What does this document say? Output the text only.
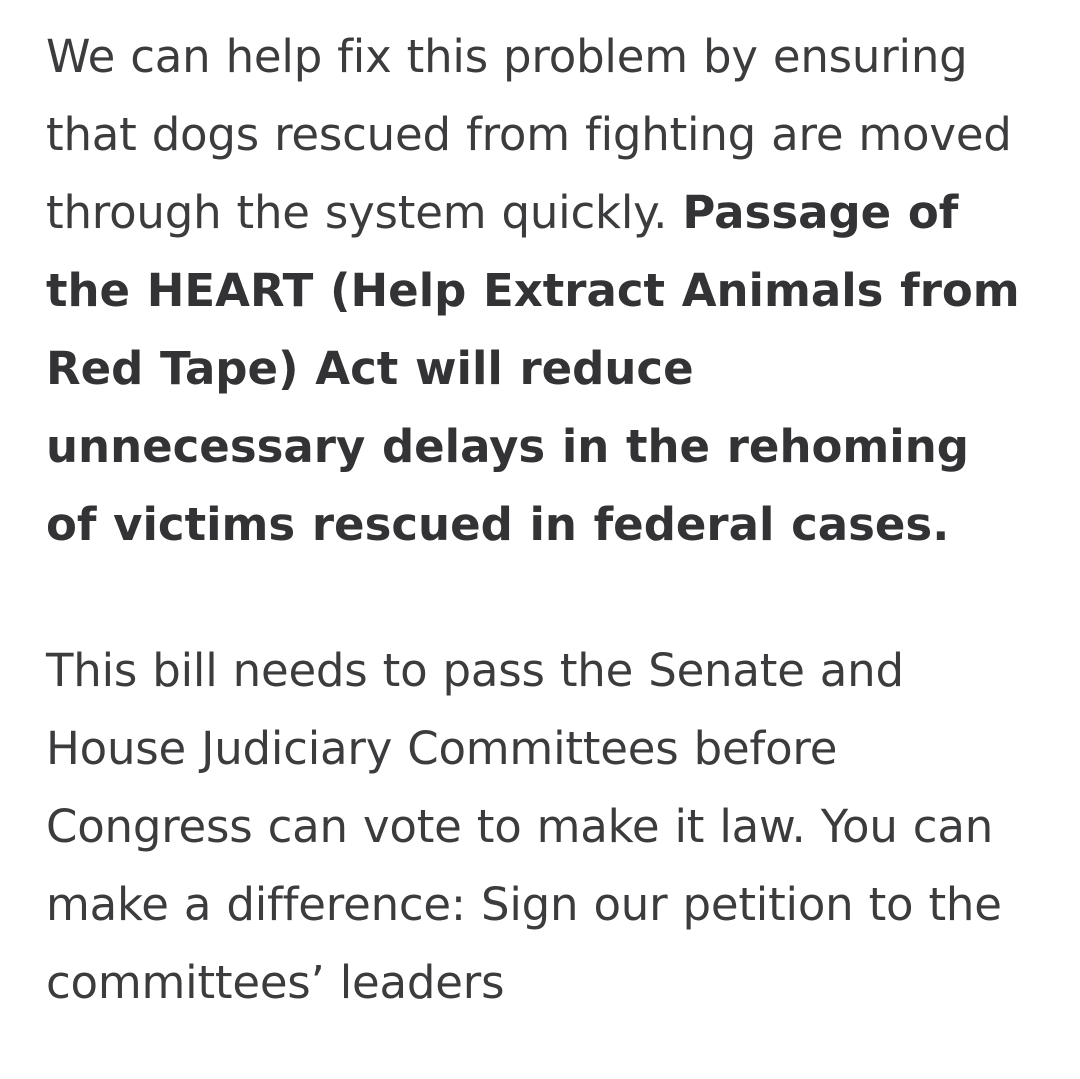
We can help fix this problem by ensuring that dogs rescued from fighting are moved through the system quickly. Passage of the HEART (Help Extract Animals from Red Tape) Act will reduce unnecessary delays in the rehoming of victims rescued in federal cases.

This bill needs to pass the Senate and House Judiciary Committees before Congress can vote to make it law. You can make a difference: Sign our petition to the committees’ leaders
